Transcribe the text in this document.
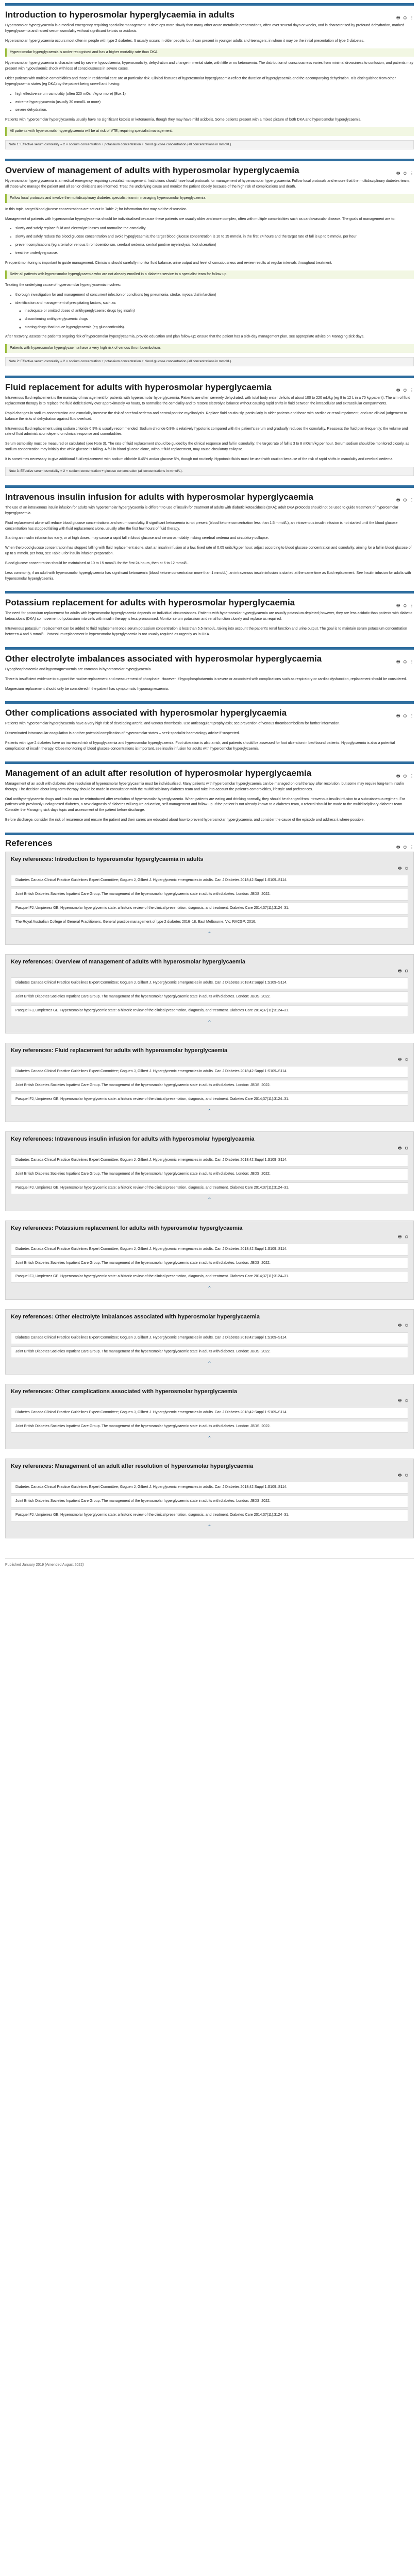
Introduction to hyperosmolar hyperglycaemia in adults	🖶 ⛭ ⋮

Hyperosmolar hyperglycaemia is a medical emergency requiring specialist management. It develops more slowly than many other acute metabolic presentations, often over several days or weeks, and is characterised by profound dehydration, marked hyperglycaemia and raised serum osmolality without significant ketosis or acidosis.

Hyperosmolar hyperglycaemia occurs most often in people with type 2 diabetes. It usually occurs in older people, but it can present in younger adults and teenagers, in whom it may be the initial presentation of type 2 diabetes.

Hyperosmolar hyperglycaemia is under-recognised and has a higher mortality rate than DKA.

Hyperosmolar hyperglycaemia is characterised by severe hypovolaemia, hyperosmolality, dehydration and change in mental state, with little or no ketonaemia. The distribution of consciousness varies from minimal drowsiness to confusion, and patients may present with hypovolaemic shock with loss of consciousness in severe cases.

Older patients with multiple comorbidities and those in residential care are at particular risk. Clinical features of hyperosmolar hyperglycaemia reflect the duration of hyperglycaemia and the accompanying dehydration. It is distinguished from other hyperglycaemic states (eg DKA) by the patient being unwell and having:

• high effective serum osmolality (often 320 mOsm/kg or more) (Box 1)
• extreme hyperglycaemia (usually 30 mmol/L or more)
• severe dehydration.

Patients with hyperosmolar hyperglycaemia usually have no significant ketosis or ketonaemia, though they may have mild acidosis. Some patients present with a mixed picture of both DKA and hyperosmolar hyperglycaemia.

All patients with hyperosmolar hyperglycaemia will be at risk of VTE, requiring specialist management.
Note 1: Effective serum osmolality = 2 × sodium concentration + potassium concentration + blood glucose concentration (all concentrations in mmol/L).
Overview of management of adults with hyperosmolar hyperglycaemia	🖶 ⛭ ⋮

Hyperosmolar hyperglycaemia is a medical emergency requiring specialist management. Institutions should have local protocols for management of hyperosmolar hyperglycaemia. Follow local protocols and ensure that the multidisciplinary diabetes team, all those who manage the patient and all senior clinicians are informed. Treat the underlying cause and monitor the patient closely because of the high risk of complications and death.

Follow local protocols and involve the multidisciplinary diabetes specialist team in managing hyperosmolar hyperglycaemia.

In this topic, target blood glucose concentrations are set out in Table 2; for information that may aid the discussion.

Management of patients with hyperosmolar hyperglycaemia should be individualised because these patients are usually older and more complex, often with multiple comorbidities such as cardiovascular disease. The goals of management are to:

• slowly and safely replace fluid and electrolyte losses and normalise the osmolality
• slowly and safely reduce the blood glucose concentration and avoid hypoglycaemia; the target blood glucose concentration is 10 to 15 mmol/L in the first 24 hours and the target rate of fall is up to 5 mmol/L per hour
• prevent complications (eg arterial or venous thromboembolism, cerebral oedema, central pontine myelinolysis, foot ulceration)
• treat the underlying cause.

Frequent monitoring is important to guide management. Clinicians should carefully monitor fluid balance, urine output and level of consciousness and review results at regular intervals throughout treatment.

Refer all patients with hyperosmolar hyperglycaemia who are not already enrolled in a diabetes service to a specialist team for follow-up.

Treating the underlying cause of hyperosmolar hyperglycaemia involves:

• thorough investigation for and management of concurrent infection or conditions (eg pneumonia, stroke, myocardial infarction)
• identification and management of precipitating factors, such as:
◦ inadequate or omitted doses of antihyperglycaemic drugs (eg insulin)
◦ discontinuing antihyperglycaemic drugs
◦ starting drugs that induce hyperglycaemia (eg glucocorticoids).

After recovery, assess the patient's ongoing risk of hyperosmolar hyperglycaemia, provide education and plan follow-up; ensure that the patient has a sick-day management plan, see appropriate advice on Managing sick days.

Patients with hyperosmolar hyperglycaemia have a very high risk of venous thromboembolism.
Note 2: Effective serum osmolality = 2 × sodium concentration + potassium concentration + blood glucose concentration (all concentrations in mmol/L).
Fluid replacement for adults with hyperosmolar hyperglycaemia	🖶 ⛭ ⋮

Intravenous fluid replacement is the mainstay of management for patients with hyperosmolar hyperglycaemia. Patients are often severely dehydrated, with total body water deficits of about 100 to 220 mL/kg (eg 8 to 12 L in a 70 kg patient). The aim of fluid replacement therapy is to replace the fluid deficit slowly over approximately 48 hours, to normalise the osmolality and to restore electrolyte balance without causing rapid shifts in fluid between the intracellular and extracellular compartments.

Rapid changes in sodium concentration and osmolality increase the risk of cerebral oedema and central pontine myelinolysis. Replace fluid cautiously, particularly in older patients and those with cardiac or renal impairment, and use clinical judgement to balance the risks of dehydration against fluid overload.

Intravenous fluid replacement using sodium chloride 0.9% is usually recommended. Sodium chloride 0.9% is relatively hypotonic compared with the patient's serum and gradually reduces the osmolality. Reassess the fluid plan frequently; the volume and rate of fluid administration depend on clinical response and comorbidities.

Serum osmolality must be measured or calculated (see Note 3). The rate of fluid replacement should be guided by the clinical response and fall in osmolality; the target rate of fall is 3 to 8 mOsm/kg per hour. Serum sodium should be monitored closely, as sodium concentration may initially rise while glucose is falling. A fall in blood glucose alone, without fluid replacement, may cause circulatory collapse.

It is sometimes necessary to give additional fluid replacement with sodium chloride 0.45% and/or glucose 5%, though not routinely. Hypotonic fluids must be used with caution because of the risk of rapid shifts in osmolality and cerebral oedema.

Note 3: Effective serum osmolality = 2 × sodium concentration + glucose concentration (all concentrations in mmol/L).
Intravenous insulin infusion for adults with hyperosmolar hyperglycaemia	🖶 ⛭ ⋮

The use of an intravenous insulin infusion for adults with hyperosmolar hyperglycaemia is different to use of insulin for treatment of adults with diabetic ketoacidosis (DKA); adult DKA protocols should not be used to guide treatment of hyperosmolar hyperglycaemia.

Fluid replacement alone will reduce blood glucose concentrations and serum osmolality. If significant ketonaemia is not present (blood ketone concentration less than 1.5 mmol/L), an intravenous insulin infusion is not started until the blood glucose concentration has stopped falling with fluid replacement alone, usually after the first few hours of fluid therapy.

Starting an insulin infusion too early, or at high doses, may cause a rapid fall in blood glucose and serum osmolality, risking cerebral oedema and circulatory collapse.

When the blood glucose concentration has stopped falling with fluid replacement alone, start an insulin infusion at a low, fixed rate of 0.05 units/kg per hour; adjust according to blood glucose concentration and osmolality, aiming for a fall in blood glucose of up to 5 mmol/L per hour, see Table 3 for insulin infusion preparation.

Blood glucose concentration should be maintained at 10 to 15 mmol/L for the first 24 hours, then at 6 to 12 mmol/L.

Less commonly, if an adult with hyperosmolar hyperglycaemia has significant ketonaemia (blood ketone concentration more than 1 mmol/L), an intravenous insulin infusion is started at the same time as fluid replacement. See Insulin infusion for adults with hyperosmolar hyperglycaemia.

Potassium replacement for adults with hyperosmolar hyperglycaemia	🖶 ⛭ ⋮

The need for potassium replacement for adults with hyperosmolar hyperglycaemia depends on individual circumstances. Patients with hyperosmolar hyperglycaemia are usually potassium depleted; however, they are less acidotic than patients with diabetic ketoacidosis (DKA) so movement of potassium into cells with insulin therapy is less pronounced. Monitor serum potassium and renal function closely and replace as required.

Intravenous potassium replacement can be added to fluid replacement once serum potassium concentration is less than 5.5 mmol/L, taking into account the patient's renal function and urine output. The goal is to maintain serum potassium concentration between 4 and 5 mmol/L. Potassium replacement in hyperosmolar hyperglycaemia is not usually required as urgently as in DKA.

Other electrolyte imbalances associated with hyperosmolar hyperglycaemia	🖶 ⛭ ⋮

Hypophosphataemia and hypomagnesaemia are common in hyperosmolar hyperglycaemia.

There is insufficient evidence to support the routine replacement and measurement of phosphate. However, if hypophosphataemia is severe or associated with complications such as respiratory or cardiac dysfunction, replacement should be considered.

Magnesium replacement should only be considered if the patient has symptomatic hypomagnesaemia.

Other complications associated with hyperosmolar hyperglycaemia	🖶 ⛭ ⋮

Patients with hyperosmolar hyperglycaemia have a very high risk of developing arterial and venous thrombosis. Use anticoagulant prophylaxis; see prevention of venous thromboembolism for further information.

Disseminated intravascular coagulation is another potential complication of hyperosmolar states – seek specialist haematology advice if suspected.

Patients with type 2 diabetes have an increased risk of hypoglycaemia and hyperosmolar hyperglycaemia. Foot ulceration is also a risk, and patients should be assessed for foot ulceration in bed-bound patients. Hypoglycaemia is also a potential complication of insulin therapy. Close monitoring of blood glucose concentrations is important, see insulin infusion for adults with hyperosmolar hyperglycaemia.

Management of an adult after resolution of hyperosmolar hyperglycaemia	🖶 ⛭ ⋮

Management of an adult with diabetes after resolution of hyperosmolar hyperglycaemia must be individualised. Many patients with hyperosmolar hyperglycaemia can be managed on oral therapy after resolution, but some may require long-term insulin therapy. The decision about long-term therapy should be made in consultation with the multidisciplinary diabetes team and take into account the patient's comorbidities, lifestyle and preferences.

Oral antihyperglycaemic drugs and insulin can be reintroduced after resolution of hyperosmolar hyperglycaemia. When patients are eating and drinking normally, they should be changed from intravenous insulin infusion to a subcutaneous regimen. For patients with previously undiagnosed diabetes, a new diagnosis of diabetes will require education, self-management and follow-up. If the patient is not already known to a diabetes team, a referral should be made to the multidisciplinary diabetes team. Consider the Managing sick days topic and assessment of the patient before discharge.

Before discharge, consider the risk of recurrence and ensure the patient and their carers are educated about how to prevent hyperosmolar hyperglycaemia, and consider the cause of the episode and address it where possible.

References	🖶 ⛭ ⋮
Key references: Introduction to hyperosmolar hyperglycaemia in adults
🖶 ⛭

Diabetes Canada Clinical Practice Guidelines Expert Committee; Goguen J, Gilbert J. Hyperglycemic emergencies in adults. Can J Diabetes 2018;42 Suppl 1:S109–S114.

Joint British Diabetes Societies Inpatient Care Group. The management of the hyperosmolar hyperglycaemic state in adults with diabetes. London: JBDS; 2022.

Pasquel FJ, Umpierrez GE. Hyperosmolar hyperglycemic state: a historic review of the clinical presentation, diagnosis, and treatment. Diabetes Care 2014;37(11):3124–31.

The Royal Australian College of General Practitioners. General practice management of type 2 diabetes 2016–18. East Melbourne, Vic: RACGP; 2016.

⌃
Key references: Overview of management of adults with hyperosmolar hyperglycaemia
🖶 ⛭

Diabetes Canada Clinical Practice Guidelines Expert Committee; Goguen J, Gilbert J. Hyperglycemic emergencies in adults. Can J Diabetes 2018;42 Suppl 1:S109–S114.

Joint British Diabetes Societies Inpatient Care Group. The management of the hyperosmolar hyperglycaemic state in adults with diabetes. London: JBDS; 2022.

Pasquel FJ, Umpierrez GE. Hyperosmolar hyperglycemic state: a historic review of the clinical presentation, diagnosis, and treatment. Diabetes Care 2014;37(11):3124–31.

⌃
Key references: Fluid replacement for adults with hyperosmolar hyperglycaemia
🖶 ⛭

Diabetes Canada Clinical Practice Guidelines Expert Committee; Goguen J, Gilbert J. Hyperglycemic emergencies in adults. Can J Diabetes 2018;42 Suppl 1:S109–S114.

Joint British Diabetes Societies Inpatient Care Group. The management of the hyperosmolar hyperglycaemic state in adults with diabetes. London: JBDS; 2022.

Pasquel FJ, Umpierrez GE. Hyperosmolar hyperglycemic state: a historic review of the clinical presentation, diagnosis, and treatment. Diabetes Care 2014;37(11):3124–31.

⌃
Key references: Intravenous insulin infusion for adults with hyperosmolar hyperglycaemia
🖶 ⛭

Diabetes Canada Clinical Practice Guidelines Expert Committee; Goguen J, Gilbert J. Hyperglycemic emergencies in adults. Can J Diabetes 2018;42 Suppl 1:S109–S114.

Joint British Diabetes Societies Inpatient Care Group. The management of the hyperosmolar hyperglycaemic state in adults with diabetes. London: JBDS; 2022.

Pasquel FJ, Umpierrez GE. Hyperosmolar hyperglycemic state: a historic review of the clinical presentation, diagnosis, and treatment. Diabetes Care 2014;37(11):3124–31.

⌃
Key references: Potassium replacement for adults with hyperosmolar hyperglycaemia
🖶 ⛭

Diabetes Canada Clinical Practice Guidelines Expert Committee; Goguen J, Gilbert J. Hyperglycemic emergencies in adults. Can J Diabetes 2018;42 Suppl 1:S109–S114.

Joint British Diabetes Societies Inpatient Care Group. The management of the hyperosmolar hyperglycaemic state in adults with diabetes. London: JBDS; 2022.

Pasquel FJ, Umpierrez GE. Hyperosmolar hyperglycemic state: a historic review of the clinical presentation, diagnosis, and treatment. Diabetes Care 2014;37(11):3124–31.

⌃
Key references: Other electrolyte imbalances associated with hyperosmolar hyperglycaemia
🖶 ⛭

Diabetes Canada Clinical Practice Guidelines Expert Committee; Goguen J, Gilbert J. Hyperglycemic emergencies in adults. Can J Diabetes 2018;42 Suppl 1:S109–S114.

Joint British Diabetes Societies Inpatient Care Group. The management of the hyperosmolar hyperglycaemic state in adults with diabetes. London: JBDS; 2022.

⌃
Key references: Other complications associated with hyperosmolar hyperglycaemia
🖶 ⛭

Diabetes Canada Clinical Practice Guidelines Expert Committee; Goguen J, Gilbert J. Hyperglycemic emergencies in adults. Can J Diabetes 2018;42 Suppl 1:S109–S114.

Joint British Diabetes Societies Inpatient Care Group. The management of the hyperosmolar hyperglycaemic state in adults with diabetes. London: JBDS; 2022.

⌃
Key references: Management of an adult after resolution of hyperosmolar hyperglycaemia
🖶 ⛭

Diabetes Canada Clinical Practice Guidelines Expert Committee; Goguen J, Gilbert J. Hyperglycemic emergencies in adults. Can J Diabetes 2018;42 Suppl 1:S109–S114.

Joint British Diabetes Societies Inpatient Care Group. The management of the hyperosmolar hyperglycaemic state in adults with diabetes. London: JBDS; 2022.

Pasquel FJ, Umpierrez GE. Hyperosmolar hyperglycemic state: a historic review of the clinical presentation, diagnosis, and treatment. Diabetes Care 2014;37(11):3124–31.

⌃
Published January 2019 (Amended August 2022)
